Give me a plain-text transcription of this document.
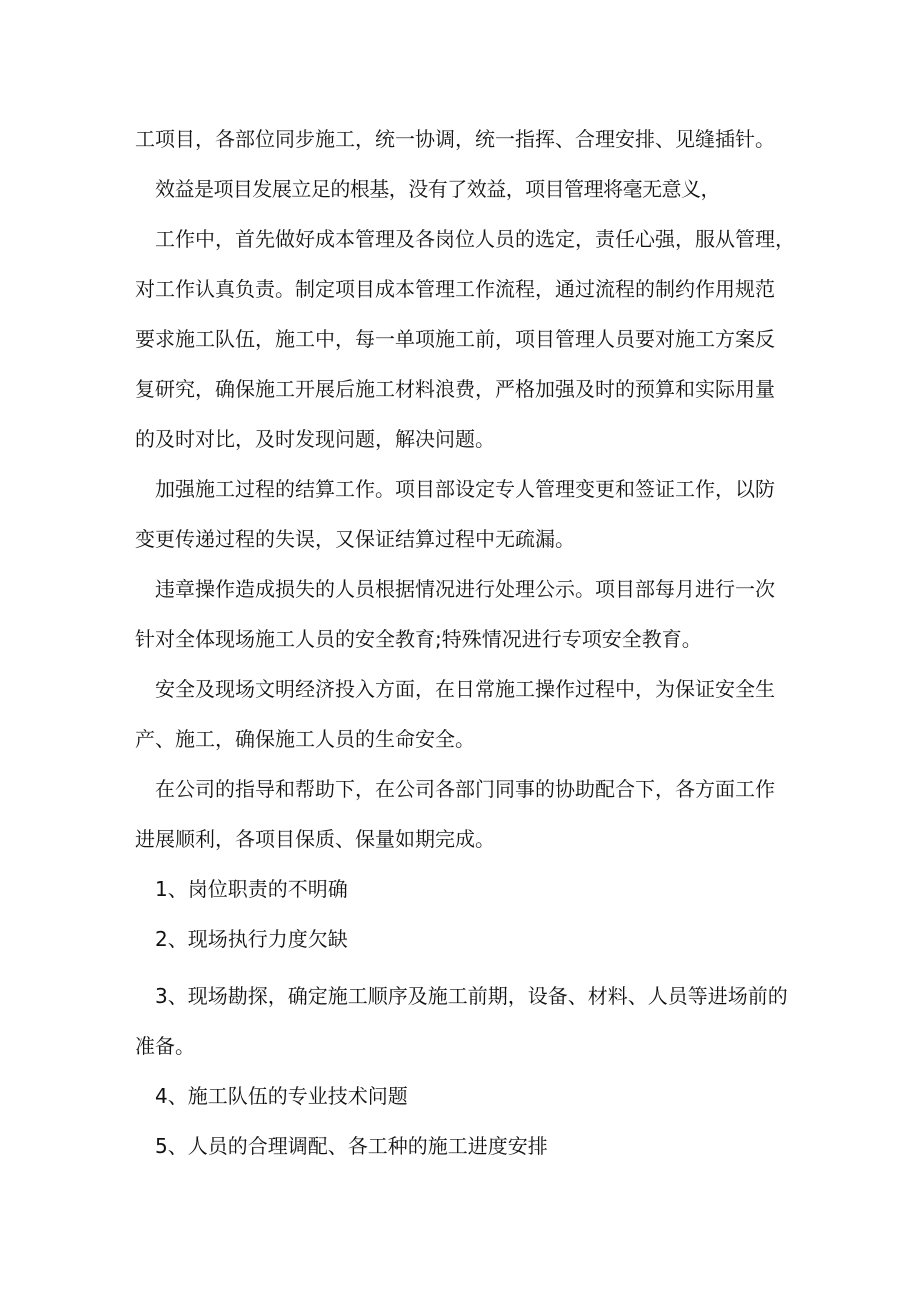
工项目，各部位同步施工，统一协调，统一指挥、合理安排、见缝插针。
效益是项目发展立足的根基，没有了效益，项目管理将毫无意义，
工作中，首先做好成本管理及各岗位人员的选定，责任心强，服从管理，
对工作认真负责。制定项目成本管理工作流程，通过流程的制约作用规范
要求施工队伍，施工中，每一单项施工前，项目管理人员要对施工方案反
复研究，确保施工开展后施工材料浪费，严格加强及时的预算和实际用量
的及时对比，及时发现问题，解决问题。
加强施工过程的结算工作。项目部设定专人管理变更和签证工作，以防
变更传递过程的失误，又保证结算过程中无疏漏。
违章操作造成损失的人员根据情况进行处理公示。项目部每月进行一次
针对全体现场施工人员的安全教育;特殊情况进行专项安全教育。
安全及现场文明经济投入方面，在日常施工操作过程中，为保证安全生
产、施工，确保施工人员的生命安全。
在公司的指导和帮助下，在公司各部门同事的协助配合下，各方面工作
进展顺利，各项目保质、保量如期完成。
1、岗位职责的不明确
2、现场执行力度欠缺
3、现场勘探，确定施工顺序及施工前期，设备、材料、人员等进场前的
准备。
4、施工队伍的专业技术问题
5、人员的合理调配、各工种的施工进度安排
